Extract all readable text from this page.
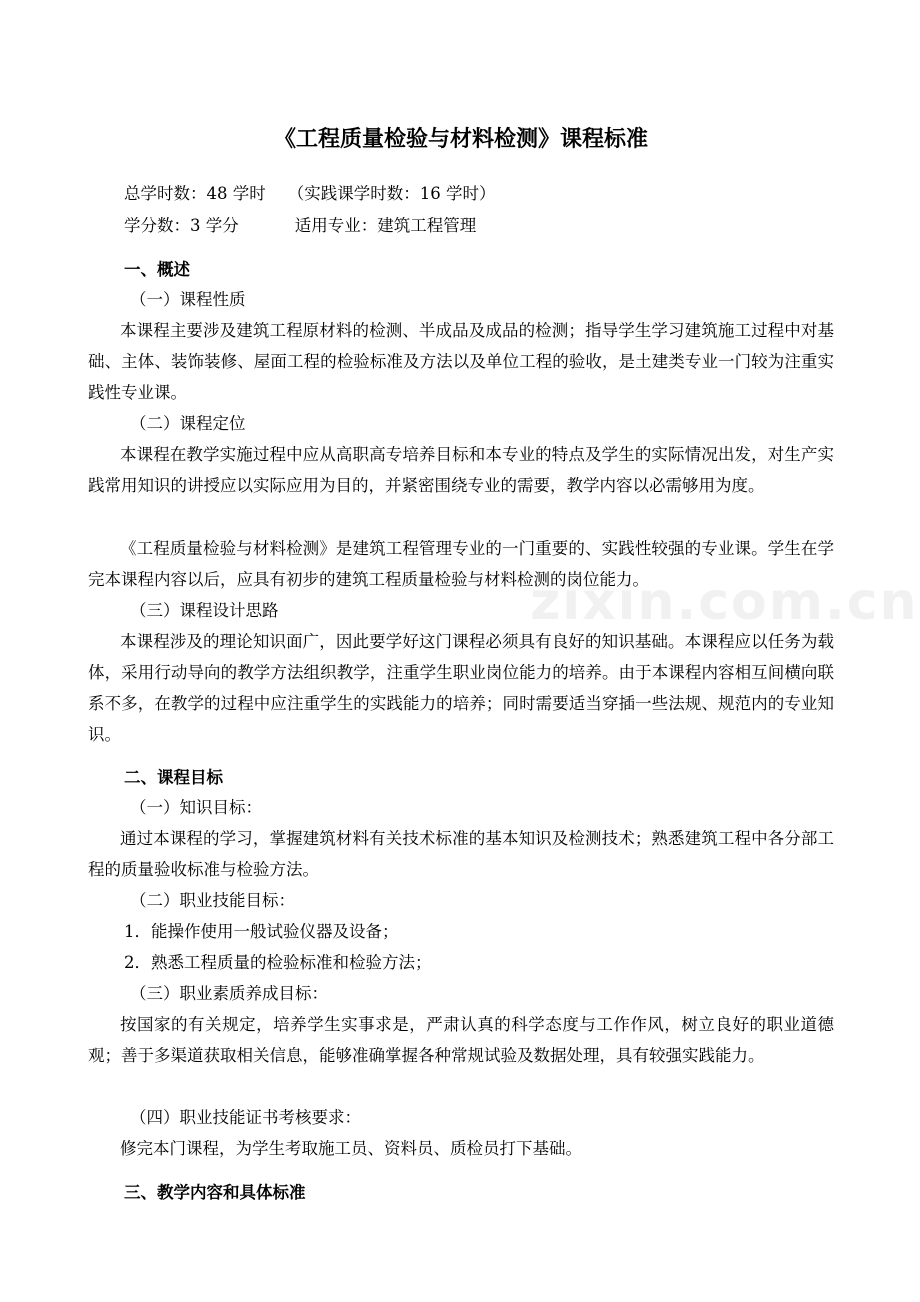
zixin.com.cn
《工程质量检验与材料检测》课程标准
总学时数：48 学时 （实践课学时数：16 学时）
学分数：3 学分	适用专业：建筑工程管理
一、概述
（一）课程性质
本课程主要涉及建筑工程原材料的检测、半成品及成品的检测；指导学生学习建筑施工过程中对基础、主体、装饰装修、屋面工程的检验标准及方法以及单位工程的验收，是土建类专业一门较为注重实践性专业课。
（二）课程定位
本课程在教学实施过程中应从高职高专培养目标和本专业的特点及学生的实际情况出发，对生产实践常用知识的讲授应以实际应用为目的，并紧密围绕专业的需要，教学内容以必需够用为度。
《工程质量检验与材料检测》是建筑工程管理专业的一门重要的、实践性较强的专业课。学生在学完本课程内容以后，应具有初步的建筑工程质量检验与材料检测的岗位能力。
（三）课程设计思路
本课程涉及的理论知识面广，因此要学好这门课程必须具有良好的知识基础。本课程应以任务为载体，采用行动导向的教学方法组织教学，注重学生职业岗位能力的培养。由于本课程内容相互间横向联系不多，在教学的过程中应注重学生的实践能力的培养；同时需要适当穿插一些法规、规范内的专业知识。
二、课程目标
（一）知识目标：
通过本课程的学习，掌握建筑材料有关技术标准的基本知识及检测技术；熟悉建筑工程中各分部工程的质量验收标准与检验方法。
（二）职业技能目标：
1．能操作使用一般试验仪器及设备；
2．熟悉工程质量的检验标准和检验方法；
（三）职业素质养成目标：
按国家的有关规定，培养学生实事求是，严肃认真的科学态度与工作作风，树立良好的职业道德观；善于多渠道获取相关信息，能够准确掌握各种常规试验及数据处理，具有较强实践能力。
（四）职业技能证书考核要求：
修完本门课程，为学生考取施工员、资料员、质检员打下基础。
三、教学内容和具体标准
